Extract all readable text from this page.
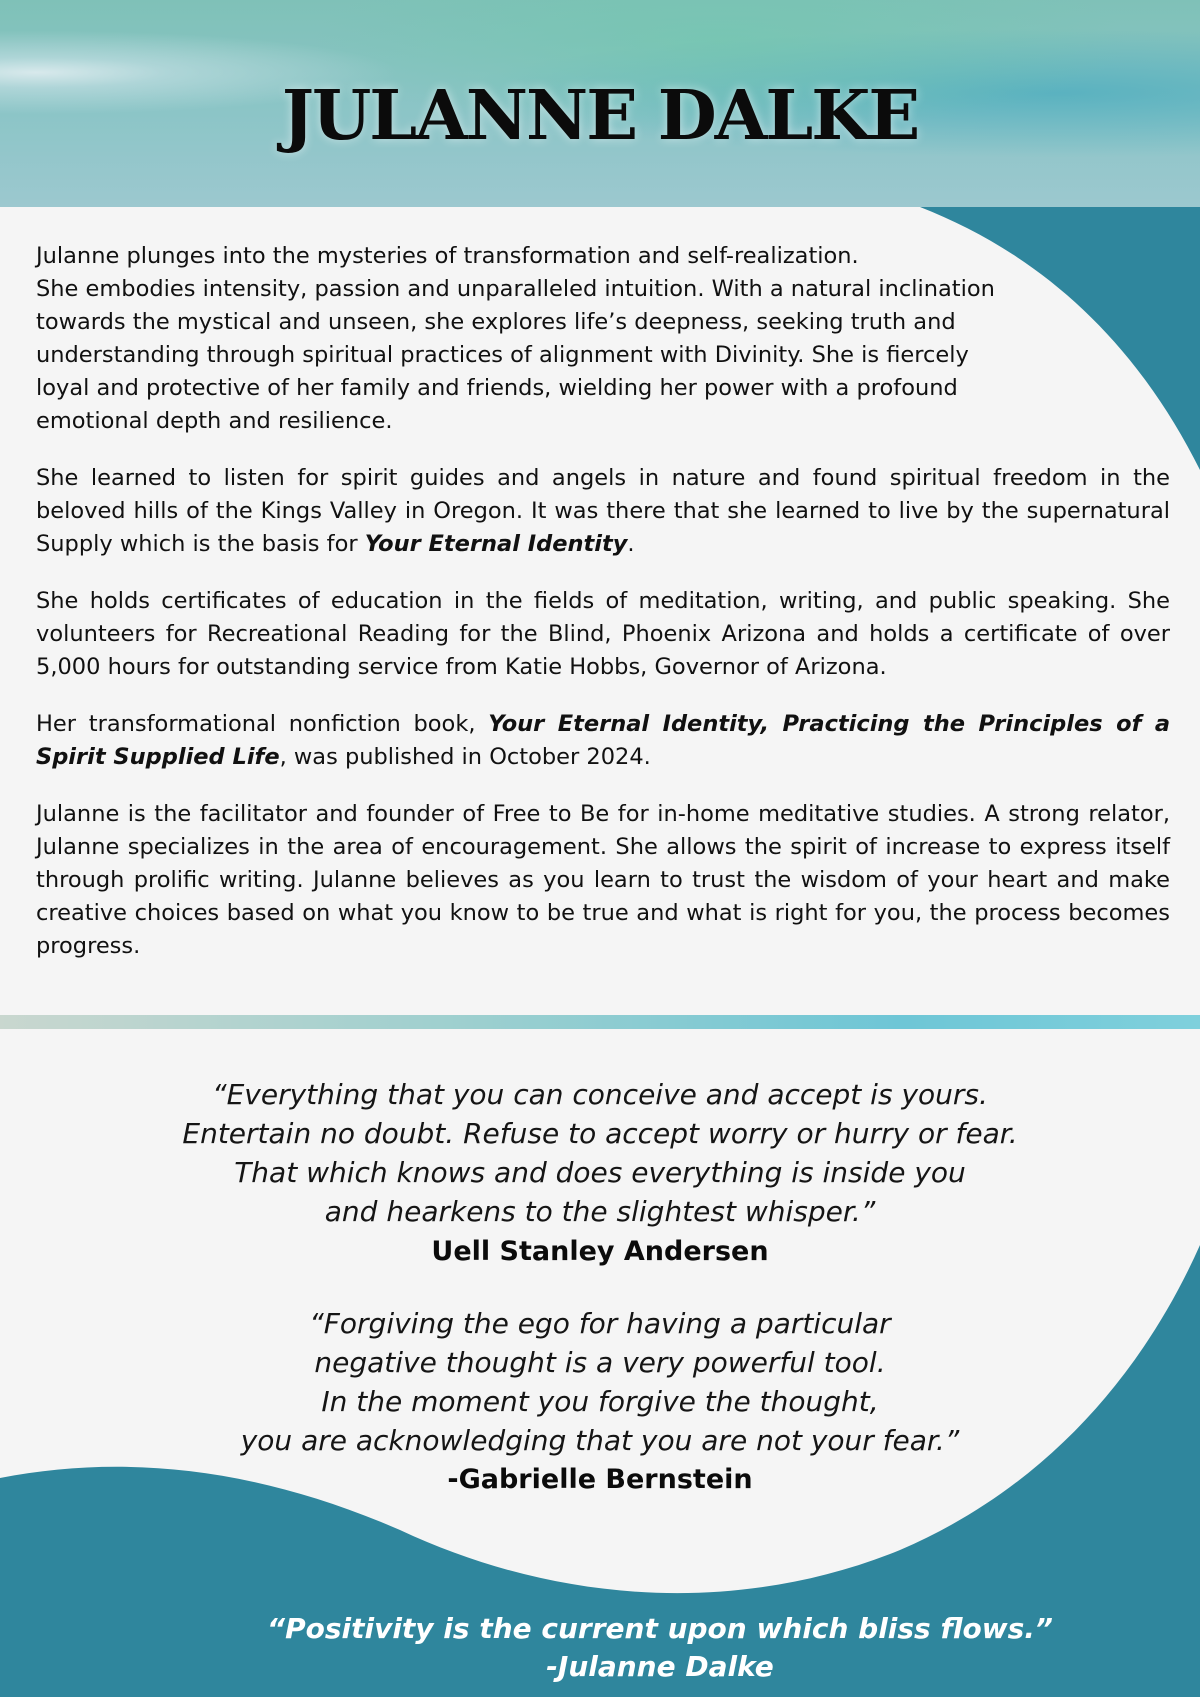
JULANNE DALKE

Julanne plunges into the mysteries of transformation and self-realization.
She embodies intensity, passion and unparalleled intuition. With a natural inclination towards the mystical and unseen, she explores life’s deepness, seeking truth and understanding through spiritual practices of alignment with Divinity. She is fiercely loyal and protective of her family and friends, wielding her power with a profound emotional depth and resilience.

She learned to listen for spirit guides and angels in nature and found spiritual freedom in the beloved hills of the Kings Valley in Oregon. It was there that she learned to live by the supernatural Supply which is the basis for Your Eternal Identity.

She holds certificates of education in the fields of meditation, writing, and public speaking. She volunteers for Recreational Reading for the Blind, Phoenix Arizona and holds a certificate of over 5,000 hours for outstanding service from Katie Hobbs, Governor of Arizona.

Her transformational nonfiction book, Your Eternal Identity, Practicing the Principles of a Spirit Supplied Life, was published in October 2024.

Julanne is the facilitator and founder of Free to Be for in-home meditative studies. A strong relator, Julanne specializes in the area of encouragement. She allows the spirit of increase to express itself through prolific writing. Julanne believes as you learn to trust the wisdom of your heart and make creative choices based on what you know to be true and what is right for you, the process becomes progress.

“Everything that you can conceive and accept is yours.
Entertain no doubt. Refuse to accept worry or hurry or fear.
That which knows and does everything is inside you
and hearkens to the slightest whisper.”
Uell Stanley Andersen
“Forgiving the ego for having a particular
negative thought is a very powerful tool.
In the moment you forgive the thought,
you are acknowledging that you are not your fear.”
-Gabrielle Bernstein
“Positivity is the current upon which bliss flows.”
-Julanne Dalke
